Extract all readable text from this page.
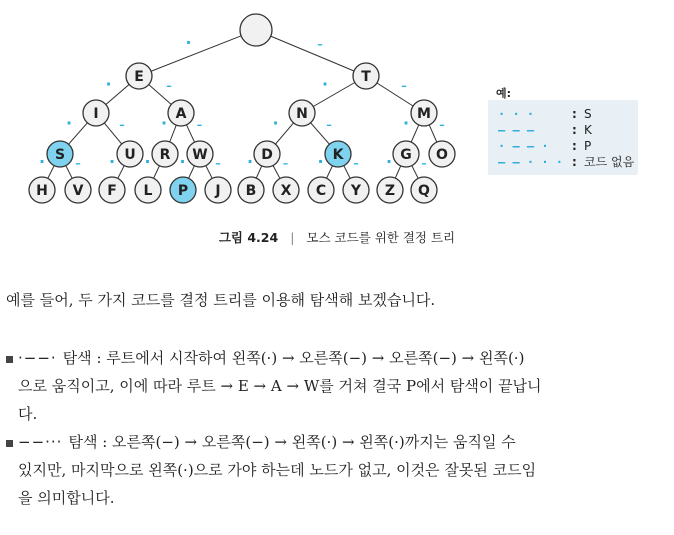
·	–
·	–	·	–
·	– ·	–	·	–	·	–
·	– · · ·	– ·	– ·	– ·	–
E	T
I	A	N	M
S	U R W	D	K	G O
H V F L P J B X C Y Z Q
예:
· · ·	: S
– – –	: K
· – – · : P
– – · · · : 코드 없음
그림 4.24 | 모스 코드를 위한 결정 트리
예를 들어, 두 가지 코드를 결정 트리를 이용해 탐색해 보겠습니다.
·−−· 탐색 : 루트에서 시작하여 왼쪽(·) → 오른쪽(−) → 오른쪽(−) → 왼쪽(·)
으로 움직이고, 이에 따라 루트 → E → A → W를 거쳐 결국 P에서 탐색이 끝납니
다.
−−··· 탐색 : 오른쪽(−) → 오른쪽(−) → 왼쪽(·) → 왼쪽(·)까지는 움직일 수
있지만, 마지막으로 왼쪽(·)으로 가야 하는데 노드가 없고, 이것은 잘못된 코드임
을 의미합니다.
